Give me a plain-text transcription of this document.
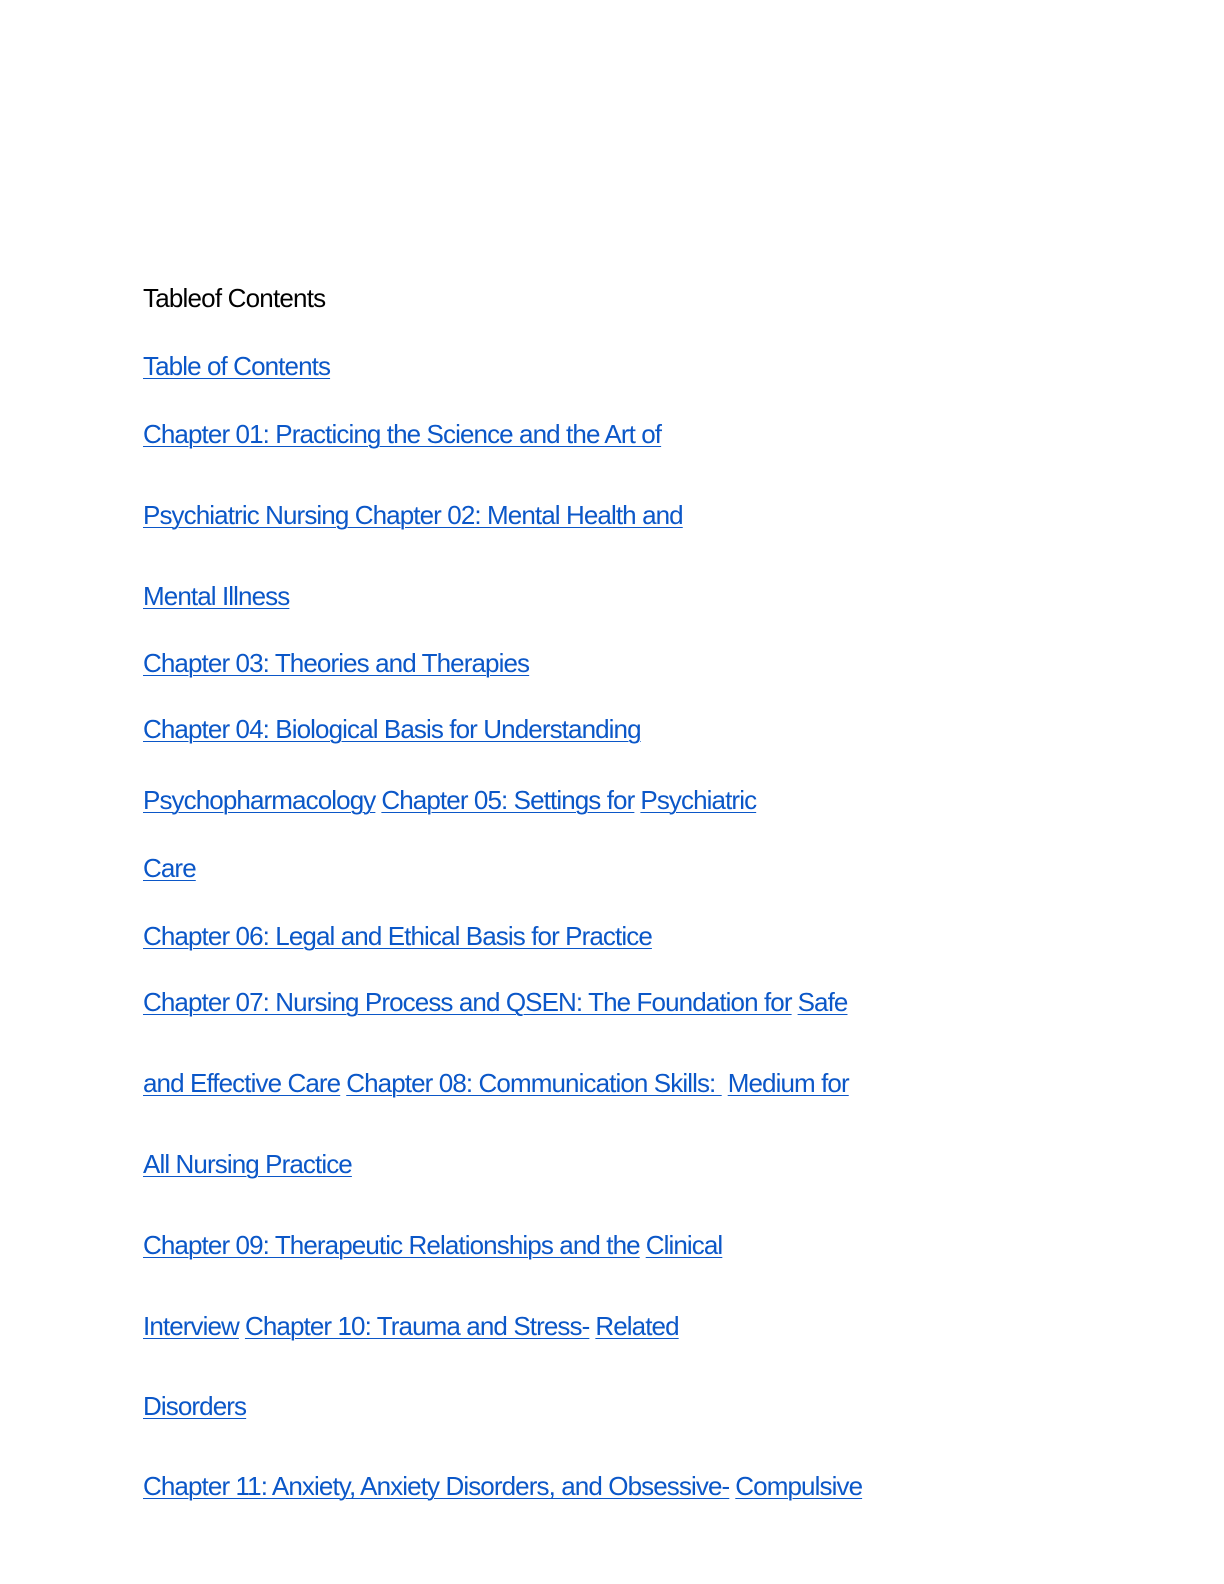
Tableof Contents
Table of Contents
Chapter 01: Practicing the Science and the Art of
Psychiatric Nursing Chapter 02: Mental Health and
Mental Illness
Chapter 03: Theories and Therapies
Chapter 04: Biological Basis for Understanding
Psychopharmacology Chapter 05: Settings for Psychiatric
Care
Chapter 06: Legal and Ethical Basis for Practice
Chapter 07: Nursing Process and QSEN: The Foundation for Safe
and Effective Care Chapter 08: Communication Skills: Medium for
All Nursing Practice
Chapter 09: Therapeutic Relationships and the Clinical
Interview Chapter 10: Trauma and Stress- Related
Disorders
Chapter 11: Anxiety, Anxiety Disorders, and Obsessive- Compulsive
